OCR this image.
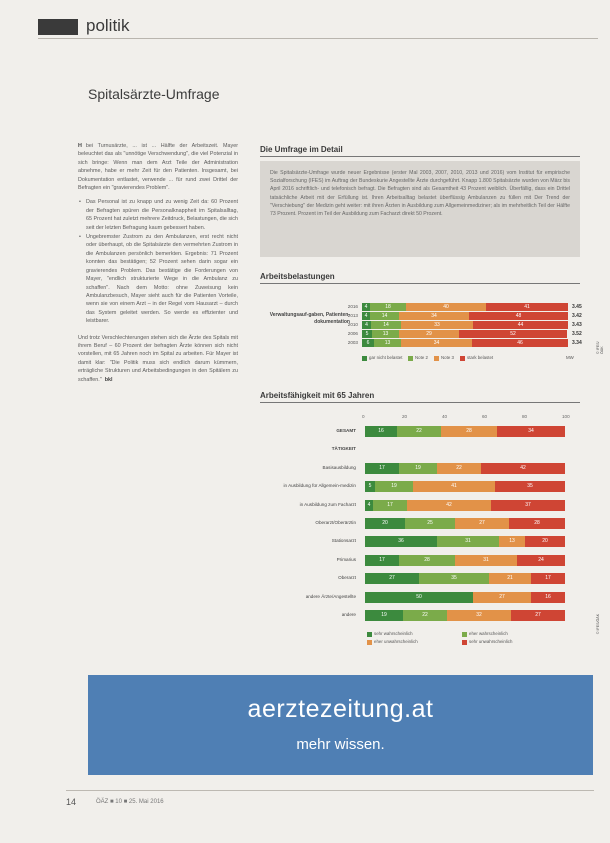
politik
Spitalsärzte-Umfrage

H bei Turnusärzte, ... ist ... Hälfte der Arbeitszeit. Mayer beleuchtet das als "unnötige Verschwendung", die viel Potenzial in sich bringe: Wenn man dem Arzt Teile der Administration abnehme, habe er mehr Zeit für den Patienten. Insgesamt, bei Dokumentation entlastet, verwende ... für rund zwei Drittel der Befragten ein "gravierendes Problem".

• Das Personal ist zu knapp und zu wenig Zeit da: 60 Prozent der Befragten spüren die Personalknappheit im Spitalsalltag, 65 Prozent hat zuletzt mehrere Zeitdruck, Belastungen, die sich seit der letzten Befragung kaum gebessert haben.
• Ungebremster Zustrom zu den Ambulanzen, erst recht nicht oder überhaupt, ob die Spitalsärzte den vermehrten Zustrom in die Ambulanzen persönlich bemerkten. Ergebnis: 71 Prozent konnten das bestätigen; 52 Prozent sehen darin sogar ein gravierendes Problem. Das bestätige die Forderungen von Mayer, "endlich strukturierte Wege in die Ambulanz zu schaffen". Nach dem Motto: ohne Zuweisung kein Ambulanzbesuch, Mayer sieht auch für die Patienten Vorteile, wenn sie von einem Arzt – in der Regel vom Hausarzt – durch das System geleitet werden. So werde es effizienter und leistbarer.

Und trotz Verschlechterungen stehen sich die Ärzte des Spitals mit ihrem Beruf – 60 Prozent der befragten Ärzte können sich nicht vorstellen, mit 65 Jahren noch im Spital zu arbeiten. Für Mayer ist damit klar: "Die Politik muss sich endlich darum kümmern, erträgliche Strukturen und Arbeitsbedingungen in den Spitälern zu schaffen." bkl

Die Umfrage im Detail
Die Spitalsärzte-Umfrage wurde neuer Ergebnisse (erster Mal 2003, 2007, 2010, 2013 und 2016) vom Institut für empirische Sozialforschung (IFES) im Auftrag der Bundeskurie Angestellte Ärzte durchgeführt. Knapp 1.800 Spitalsärzte wurden von März bis April 2016 schriftlich- und telefonisch befragt. Die Befragten sind als Gesamtheit 43 Prozent weiblich. Überfällig, dass ein Drittel tatsächliche Arbeit mit der Erfüllung ist. Ihren Arbeitsalltag belastet überflüssig Ambulanzen zu füllen mit Der Trend der "Verschiebung" der Medizin geht weiter: mit ihren Ärzten in Ausbildung zum Allgemeinmediziner; als im mehrheitlich Teil der Hälfte 73 Prozent. Prozent im Teil der Ausbildung zum Facharzt direkt 50 Prozent.
Arbeitsbelastungen
Arbeitsfähigkeit mit 65 Jahren
aerztezeitung.at
mehr wissen.
14	ÖÄZ ■ 10 ■ 25. Mai 2016
Verwaltungsauf-gaben, Patienten-dokumentation
2016	4	18	40	41	3.45
2013	4	14	34	48	3.42
2010	4	14	33	44	3.43
2006	5	13	29	52	3.52
2003	6	13	34	46	3.34
gar nicht belastet	Note 2	Note 3	stark belastet	MW
© IFES/ÖÄK
0	20	40	60	80	100
GESAMT	16	22	28	34
TÄTIGKEIT
Basisausbildung	17	19	22	42
in Ausbildung für Allgemein-medizin	5	19	41	35
in Ausbildung zum Facharzt	4	17	42	37
Oberarzt/Oberärztin	20	25	27	28
Stationsarzt	36	31	13	20
Primarius	17	28	31	24
Oberarzt	27	35	21	17
andere Ärzte/Angestellte	50	27	16
andere	19	22	32	27
sehr wahrscheinlich	eher wahrscheinlich
eher unwahrscheinlich	sehr unwahrscheinlich
© IFES/ÖÄK
